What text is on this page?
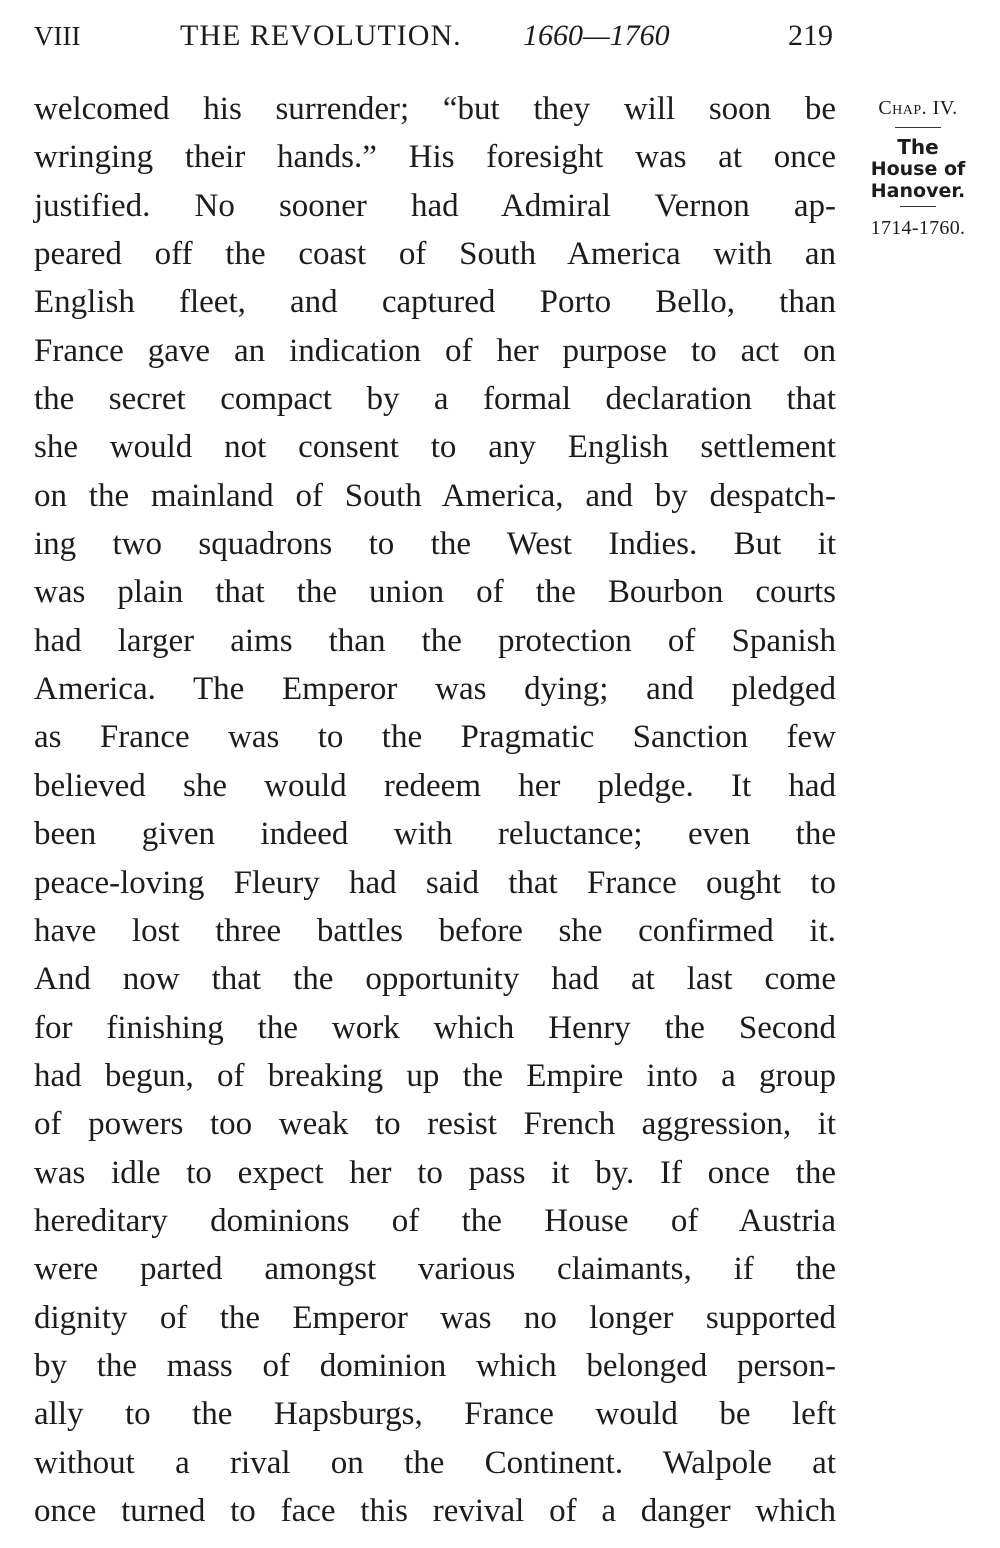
VIII	THE REVOLUTION. 1660—1760	219
welcomed his surrender; “but they will soon be
wringing their hands.” His foresight was at once
justified. No sooner had Admiral Vernon ap-
peared off the coast of South America with an
English fleet, and captured Porto Bello, than
France gave an indication of her purpose to act on
the secret compact by a formal declaration that
she would not consent to any English settlement
on the mainland of South America, and by despatch-
ing two squadrons to the West Indies. But it
was plain that the union of the Bourbon courts
had larger aims than the protection of Spanish
America. The Emperor was dying; and pledged
as France was to the Pragmatic Sanction few
believed she would redeem her pledge. It had
been given indeed with reluctance; even the
peace-loving Fleury had said that France ought to
have lost three battles before she confirmed it.
And now that the opportunity had at last come
for finishing the work which Henry the Second
had begun, of breaking up the Empire into a group
of powers too weak to resist French aggression, it
was idle to expect her to pass it by. If once the
hereditary dominions of the House of Austria
were parted amongst various claimants, if the
dignity of the Emperor was no longer supported
by the mass of dominion which belonged person-
ally to the Hapsburgs, France would be left
without a rival on the Continent. Walpole at
once turned to face this revival of a danger which
Chap. IV.
The
House of
Hanover.
1714-1760.
